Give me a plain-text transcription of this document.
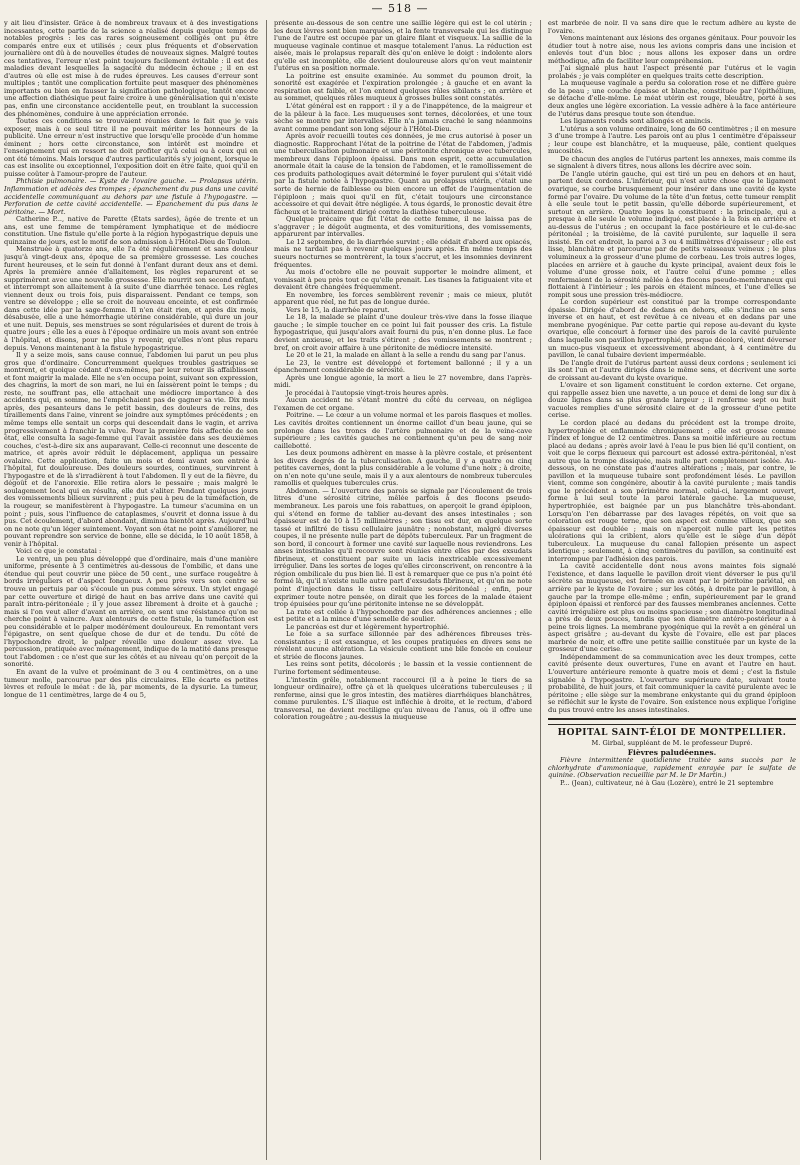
— 518 —

y ait lieu d'insister. Grâce à de nombreux travaux et à des investigations incessantes, cette partie de la science a réalisé depuis quelque temps de notables progrès : les cas rares soigneusement colligés ont pu être comparés entre eux et utilisés ; ceux plus fréquents et d'observation journalière ont dû à de nouvelles études de nouveaux signes. Malgré toutes ces tentatives, l'erreur n'est point toujours facilement évitable : il est des maladies devant lesquelles la sagacité du médecin échoue ; il en est d'autres où elle est mise à de rudes épreuves. Les causes d'erreur sont multiples ; tantôt une complication fortuite peut masquer des phénomènes importants ou bien en fausser la signification pathologique, tantôt encore une affection diathésique peut faire croire à une généralisation qui n'existe pas, enfin une circonstance accidentelle peut, en troublant la succession des phénomènes, conduire à une appréciation erronée.

Toutes ces conditions se trouvaient réunies dans le fait que je vais exposer, mais à ce seul titre il ne pouvait mériter les honneurs de la publicité. Une erreur n'est instructive que lorsqu'elle procède d'un homme éminent ; hors cette circonstance, son intérêt est moindre et l'enseignement qui en ressort ne doit profiter qu'à celui ou à ceux qui en ont été témoins. Mais lorsque d'autres particularités s'y joignent, lorsque le cas est insolite ou exceptionnel, l'exposition doit en être faite, quoi qu'il en puisse coûter à l'amour-propre de l'auteur.

Phthisie pulmonaire. — Kyste de l'ovaire gauche. — Prolapsus utérin. Inflammation et adécès des trompes ; épanchement du pus dans une cavité accidentelle communiquant au dehors par une fistule à l'hypogastre. — Perforation de cette cavité accidentelle. — Épanchement du pus dans le péritoine. — Mort.

Catherine P..., native de Parette (États sardes), âgée de trente et un ans, est une femme de tempérament lymphatique et de médiocre constitution. Une fistule qu'elle porte à la région hypogastrique depuis une quinzaine de jours, est le motif de son admission à l'Hôtel-Dieu de Toulon.

Menstruée à quatorze ans, elle l'a été régulièrement et sans douleur jusqu'à vingt-deux ans, époque de sa première grossesse. Les couches furent heureuses, et le sein fut donné à l'enfant durant deux ans et demi. Après la première année d'allaitement, les règles reparurent et se supprimèrent avec une nouvelle grossesse. Elle nourrit son second enfant, et interrompt son allaitement à la suite d'une diarrhée tenace. Les règles viennent deux ou trois fois, puis disparaissent. Pendant ce temps, son ventre se développe ; elle se croit de nouveau enceinte, et est confirmée dans cette idée par la sage-femme. Il n'en était rien, et après dix mois, désabusée, elle a une hémorrhagie utérine considérable, qui dure un jour et une nuit. Depuis, ses menstrues se sont régularisées et durent de trois à quatre jours ; elle les a eues à l'époque ordinaire un mois avant son entrée à l'hôpital, et disons, pour ne plus y revenir, qu'elles n'ont plus reparu depuis. Venons maintenant à la fistule hypogastrique.

Il y a seize mois, sans cause connue, l'abdomen lui parut un peu plus gros que d'ordinaire. Concurremment quelques troubles gastriques se montrent, et quoique cédant d'eux-mêmes, par leur retour ils affaiblissent et font maigrir la malade. Elle ne s'en occupa point, suivant son expression, des chagrins, la mort de son mari, ne lui en laissèrent point le temps ; du reste, ne souffrant pas, elle attachait une médiocre importance à des accidents qui, en somme, ne l'empêchaient pas de gagner sa vie. Dix mois après, des pesanteurs dans le petit bassin, des douleurs de reins, des tiraillements dans l'aine, vinrent se joindre aux symptômes précédents ; en même temps elle sentait un corps qui descendait dans le vagin, et arriva progressivement à franchir la vulve. Pour la première fois affectée de son état, elle consulta la sage-femme qui l'avait assistée dans ses deuxièmes couches, c'est-à-dire six ans auparavant. Celle-ci reconnut une descente de matrice, et après avoir réduit le déplacement, appliqua un pessaire ovalaire. Cette application, faite un mois et demi avant son entrée à l'hôpital, fut douloureuse. Des douleurs sourdes, continues, survinrent à l'hypogastre et de là s'irradièrent à tout l'abdomen. Il y eut de la fièvre, du dégoût et de l'anorexie. Elle retira alors le pessaire ; mais malgré le soulagement local qui en résulta, elle dut s'aliter. Pendant quelques jours des vomissements bilieux survinrent ; puis peu à peu de la tuméfaction, de la rougeur, se manifestèrent à l'hypogastre. La tumeur s'acumina en un point ; puis, sous l'influence de cataplasmes, s'ouvrit et donna issue à du pus. Cet écoulement, d'abord abondant, diminua bientôt après. Aujourd'hui on ne note qu'un léger suintement. Voyant son état ne point s'améliorer, ne pouvant reprendre son service de bonne, elle se décida, le 10 août 1858, à venir à l'hôpital.

Voici ce que je constatai :

Le ventre, un peu plus développé que d'ordinaire, mais d'une manière uniforme, présente à 3 centimètres au-dessous de l'ombilic, et dans une étendue qui peut couvrir une pièce de 50 cent., une surface rougeâtre à bords irréguliers et d'aspect fongueux. A peu près vers son centre se trouve un pertuis par où s'écoule un pus comme séreux. Un stylet engagé par cette ouverture et dirigé de haut en bas arrive dans une cavité qui paraît intra-péritonéale ; il y joue assez librement à droite et à gauche ; mais si l'on veut aller d'avant en arrière, on sent une résistance qu'on ne cherche point à vaincre. Aux alentours de cette fistule, la tuméfaction est peu considérable et le palper modérément douloureux. En remontant vers l'épigastre, on sent quelque chose de dur et de tendu. Du côté de l'hypochondre droit, le palper réveille une douleur assez vive. La percussion, pratiquée avec ménagement, indique de la matité dans presque tout l'abdomen : ce n'est que sur les côtés et au niveau qu'on perçoit de la sonorité.

En avant de la vulve et proéminant de 3 ou 4 centimètres, on a une tumeur molle, parcourue par des plis circulaires. Elle écarte es petites lèvres et refoule le méat : de là, par moments, de la dysurie. La tumeur, longue de 11 centimètres, large de 4 ou 5,

présente au-dessous de son centre une saillie légère qui est le col utérin ; les deux lèvres sont bien marquées, et la fente transversale qui les distingue l'une de l'autre est occupée par un glaire filant et visqueux. La saillie de la muqueuse vaginale continue et masque totalement l'anus. La réduction est aisée, mais le prolapsus reparaît dès qu'on enlève le doigt : indolente alors qu'elle est incomplète, elle devient douloureuse alors qu'on veut maintenir l'utérus en sa position normale.

La poitrine est ensuite examinée. Au sommet du poumon droit, la sonorité est exagérée et l'expiration prolongée ; à gauche et en avant la respiration est faible, et l'on entend quelques râles sibilants ; en arrière et au sommet, quelques râles muqueux à grosses bulles sont constatés.

L'état général est en rapport : il y a de l'inappétence, de la maigreur et de la pâleur à la face. Les muqueuses sont ternes, décolorées, et une toux sèche se montre par intervalles. Elle n'a jamais craché le sang néanmoins avant comme pendant son long séjour à l'Hôtel-Dieu.

Après avoir recueilli toutes ces données, je me crus autorisé à poser un diagnostic. Rapprochant l'état de la poitrine de l'état de l'abdomen, j'admis une tuberculisation pulmonaire et une péritonite chronique avec tubercules, membreux dans l'épiploon épaissi. Dans mon esprit, cette accumulation anormale était la cause de la tension de l'abdomen, et le ramollissement de ces produits pathologiques avait déterminé le foyer purulent qui s'était vidé par la fistule notée à l'hypogastre. Quant au prolapsus utérin, c'était une sorte de hernie de faiblesse ou bien encore un effet de l'augmentation de l'épiploon ; mais quoi qu'il en fût, c'était toujours une circonstance accessoire et qui devait être négligée. A tous égards, le pronostic devait être fâcheux et le traitement dirigé contre la diathèse tuberculeuse.

Quelque précaire que fût l'état de cette femme, il ne laissa pas de s'aggraver ; le dégoût augmenta, et des vomituritions, des vomissements, apparurent par intervalles.

Le 12 septembre, de la diarrhée survint ; elle cédait d'abord aux opiacés, mais ne tardait pas à revenir quelques jours après. En même temps des sueurs nocturnes se montrèrent, la toux s'accrut, et les insomnies devinrent fréquentes.

Au mois d'octobre elle ne pouvait supporter le moindre aliment, et vomissait à peu près tout ce qu'elle prenait. Les tisanes la fatiguaient vite et devaient être changées fréquemment.

En novembre, les forces semblèrent revenir ; mais ce mieux, plutôt apparent que réel, ne fut pas de longue durée.

Vers le 15, la diarrhée reparut.

Le 18, la malade se plaint d'une douleur très-vive dans la fosse iliaque gauche ; le simple toucher en ce point lui fait pousser des cris. La fistule hypogastrique, qui jusqu'alors avait fourni du pus, n'en donne plus. Le face devient anxieuse, et les traits s'étirent ; des vomissements se montrent ; bref, on croit avoir affaire à une péritonite de médiocre intensité.

Le 20 et le 21, la malade en allant à la selle a rendu du sang par l'anus.

Le 23, le ventre est développé et fortement ballonné ; il y a un épanchement considérable de sérosité.

Après une longue agonie, la mort a lieu le 27 novembre, dans l'après-midi.

Je procédai à l'autopsie vingt-trois heures après.

Aucun accident ne s'étant montré du côté du cerveau, on négligea l'examen de cet organe.

Poitrine. — Le cœur a un volume normal et les parois flasques et molles. Les cavités droites contiennent un énorme caillot d'un beau jaune, qui se prolonge dans les troncs de l'artère pulmonaire et de la veine-cave supérieure ; les cavités gauches ne contiennent qu'un peu de sang noir caillebotté.

Les deux poumons adhèrent en masse à la plèvre costale, et présentent les divers degrés de la tuberculisation. A gauche, il y a quatre ou cinq petites cavernes, dont la plus considérable a le volume d'une noix ; à droite, on n'en note qu'une seule, mais il y a aux alentours de nombreux tubercules ramollis et quelques tubercules crus.

Abdomen. — L'ouverture des parois se signale par l'écoulement de trois litres d'une sérosité citrine, mêlée parfois à des flocons pseudo-membraneux. Les parois une fois rabattues, on aperçoit le grand épiploon, qui s'étend en forme de tablier au-devant des anses intestinales ; son épaisseur est de 10 à 15 millimètres ; son tissu est dur, en quelque sorte tassé et infiltré de tissu cellulaire jaunâtre ; nonobstant, malgré diverses coupes, il ne présente nulle part de dépôts tuberculeux. Par un fragment de son bord, il concourt à former une cavité sur laquelle nous reviendrons. Les anses intestinales qu'il recouvre sont réunies entre elles par des exsudats fibrineux, et constituent par suite un lacis inextricable excessivement irrégulier. Dans les sortes de loges qu'elles circonscrivent, on rencontre à la région ombilicale du pus bien lié. Il est à remarquer que ce pus n'a point été formé là, qu'il n'existe nulle autre part d'exsudats fibrineux, et qu'on ne note point d'injection dans le tissu cellulaire sous-péritonéal ; enfin, pour exprimer toute notre pensée, on dirait que les forces de la malade étaient trop épuisées pour qu'une péritonite intense ne se développât.

La rate est collée à l'hypochondre par des adhérences anciennes ; elle est petite et a la mince d'une semelle de soulier.

Le pancréas est dur et légèrement hypertrophié.

Le foie a sa surface sillonnée par des adhérences fibreuses très-consistantes ; il est exsangue, et les coupes pratiquées en divers sens ne révèlent aucune altération. La vésicule contient une bile foncée en couleur et striée de flocons jaunes.

Les reins sont petits, décolorés ; le bassin et la vessie contiennent de l'urine fortement sédimenteuse.

L'intestin grêle, notablement raccourci (il a à peine le tiers de sa longueur ordinaire), offre çà et là quelques ulcérations tuberculeuses ; il renferme, ainsi que le gros intestin, des matières diarrhéiques blanchâtres, comme purulentes. L'S iliaque est infléchie à droite, et le rectum, d'abord transversal, ne devient rectiligne qu'au niveau de l'anus, où il offre une coloration rougeâtre ; au-dessus la muqueuse

est marbrée de noir. Il va sans dire que le rectum adhère au kyste de l'ovaire.

Venons maintenant aux lésions des organes génitaux. Pour pouvoir les étudier tout à notre aise, nous les avions compris dans une incision et enlevés tout d'un bloc ; nous allons les exposer dans un ordre méthodique, afin de faciliter leur compréhension.

J'ai signalé plus haut l'aspect présenté par l'utérus et le vagin prolabés ; je vais compléter en quelques traits cette description.

La muqueuse vaginale a perdu sa coloration rose et ne diffère guère de la peau ; une couche épaisse et blanche, constituée par l'épithélium, se détache d'elle-même. Le méat utérin est rouge, bleuâtre, porté à ses deux angles une légère excoriation. La vessie adhère à la face antérieure de l'utérus dans presque toute son étendue.

Les ligaments ronds sont allongés et amincis.

L'utérus a son volume ordinaire, long de 60 centimètres ; il en mesure 3 d'une trompe à l'autre. Les parois ont au plus 1 centimètre d'épaisseur ; leur coupe est blanchâtre, et la muqueuse, pâle, contient quelques mucosités.

De chacun des angles de l'utérus partent les annexes, mais comme ils se signalent à divers titres, nous allons les décrire avec soin.

De l'angle utérin gauche, qui est tiré un peu en dehors et en haut, partent deux cordons. L'inférieur, qui n'est autre chose que le ligament ovarique, se courbe brusquement pour insérer dans une cavité de kyste formé par l'ovaire. Du volume de la tête d'un fœtus, cette tumeur remplit à elle seule tout le petit bassin, qu'elle déborde supérieurement, et surtout en arrière. Quatre loges la constituent : la principale, qui a presque à elle seule le volume indiqué, est placée à la fois en arrière et au-dessus de l'utérus ; en occupant la face postérieure et le cul-de-sac péritonéal ; la troisième, de la cavité purulente, sur laquelle il sera insisté. En cet endroit, la paroi a 3 ou 4 millimètres d'épaisseur ; elle est lisse, blanchâtre et parcourue par de petits vaisseaux veineux ; le plus volumineux a la grosseur d'une plume de corbeau. Les trois autres loges, placées en arrière et à gauche du kyste principal, avaient deux fois le volume d'une grosse noix, et l'autre celui d'une pomme ; elles renfermaient de la sérosité mêlée à des flocons pseudo-membraneux qui flottaient à l'intérieur ; les parois en étaient minces, et l'une d'elles se rompit sous une pression très-médiocre.

Le cordon supérieur est constitué par la trompe correspondante épaissie. Dirigée d'abord de dedans en dehors, elle s'incline en sens inverse et en haut, et est revêtue à ce niveau et en dedans par une membrane pyogénique. Par cette partie qui repose au-devant du kyste ovarique, elle concourt à former une des parois de la cavité purulente dans laquelle son pavillon hypertrophié, presque décoloré, vient déverser un muco-pus visqueux et excessivement abondant, à 4 centimètre du pavillon, le canal tubaire devient imperméable.

De l'angle droit de l'utérus partent aussi deux cordons ; seulement ici ils sont l'un et l'autre dirigés dans le même sens, et décrivent une sorte de croissant au-devant du kyste ovarique.

L'ovaire et son ligament constituent le cordon externe. Cet organe, qui rappelle assez bien une navette, a un pouce et demi de long sur dix à douze lignes dans sa plus grande largeur ; il renferme sept ou huit vacuoles remplies d'une sérosité claire et de la grosseur d'une petite cerise.

Le cordon placé au dedans du précédent est la trompe droite, hypertrophiée et enflammée chroniquement ; elle est grosse comme l'index et longue de 12 centimètres. Dans sa moitié inférieure au rectum placé au dedans ; après avoir lavé à l'eau le pus bien lié qu'il contient, on voit que le corps flexueux qui parcourt est adossé extra-péritonéal, n'est autre que la trompe dissiquée, mais nulle part complètement isolée. Au-dessous, on ne constate pas d'autres altérations ; mais, par contre, le pavillon et la muqueuse tubaire sont profondément lésés. Le pavillon vient, comme son congénère, aboutir à la cavité purulente ; mais tandis que le précédent a son périmètre normal, celui-ci, largement ouvert, forme à lui seul toute la paroi latérale gauche. La muqueuse, hypertrophiée, est baignée par un pus blanchâtre très-abondant. Lorsqu'on l'en débarrasse par des lavages répétés, on voit que sa coloration est rouge terne, que son aspect est comme villeux, que son épaisseur est doublée ; mais on n'aperçoit nulle part les petites ulcérations qui la criblent, alors qu'elle est le siège d'un dépôt tuberculeux. La muqueuse du canal fallopien présente un aspect identique ; seulement, à cinq centimètres du pavillon, sa continuité est interrompue par l'adhésion des parois.

La cavité accidentelle dont nous avons maintes fois signalé l'existence, et dans laquelle le pavillon droit vient déverser le pus qu'il sécrète sa muqueuse, est formée en avant par le péritoine pariétal, en arrière par le kyste de l'ovaire ; sur les côtés, à droite par le pavillon, à gauche par la trompe elle-même ; enfin, supérieurement par le grand épiploon épaissi et renforcé par des fausses membranes anciennes. Cette cavité irrégulière est plus ou moins spacieuse ; son diamètre longitudinal a près de deux pouces, tandis que son diamètre antéro-postérieur a à peine trois lignes. La membrane pyogénique qui la revêt a en général un aspect grisâtre ; au-devant du kyste de l'ovaire, elle est par places marbrée de noir, et offre une petite saillie constituée par un kyste de la grosseur d'une cerise.

Indépendamment de sa communication avec les deux trompes, cette cavité présente deux ouvertures, l'une en avant et l'autre en haut. L'ouverture antérieure remonte à quatre mois et demi ; c'est la fistule signalée à l'hypogastre. L'ouverture supérieure date, suivant toute probabilité, de huit jours, et fait communiquer la cavité purulente avec le péritoine ; elle siège sur la membrane enkystante qui du grand épiploon se réfléchit sur le kyste de l'ovaire. Son existence nous explique l'origine du pus trouvé entre les anses intestinales.

HOPITAL SAINT-ÉLOI DE MONTPELLIER.
M. Girbal, suppléant de M. le professeur Dupré.
Fièvres paludéennes.

Fièvre intermittente quotidienne traitée sans succès par le chlorhydrate d'ammoniaque, rapidement enrayée par le sulfate de quinine. (Observation recueillie par M. le Dr Martin.)

P... (Jean), cultivateur, né à Gau (Lozère), entré le 21 septembre
